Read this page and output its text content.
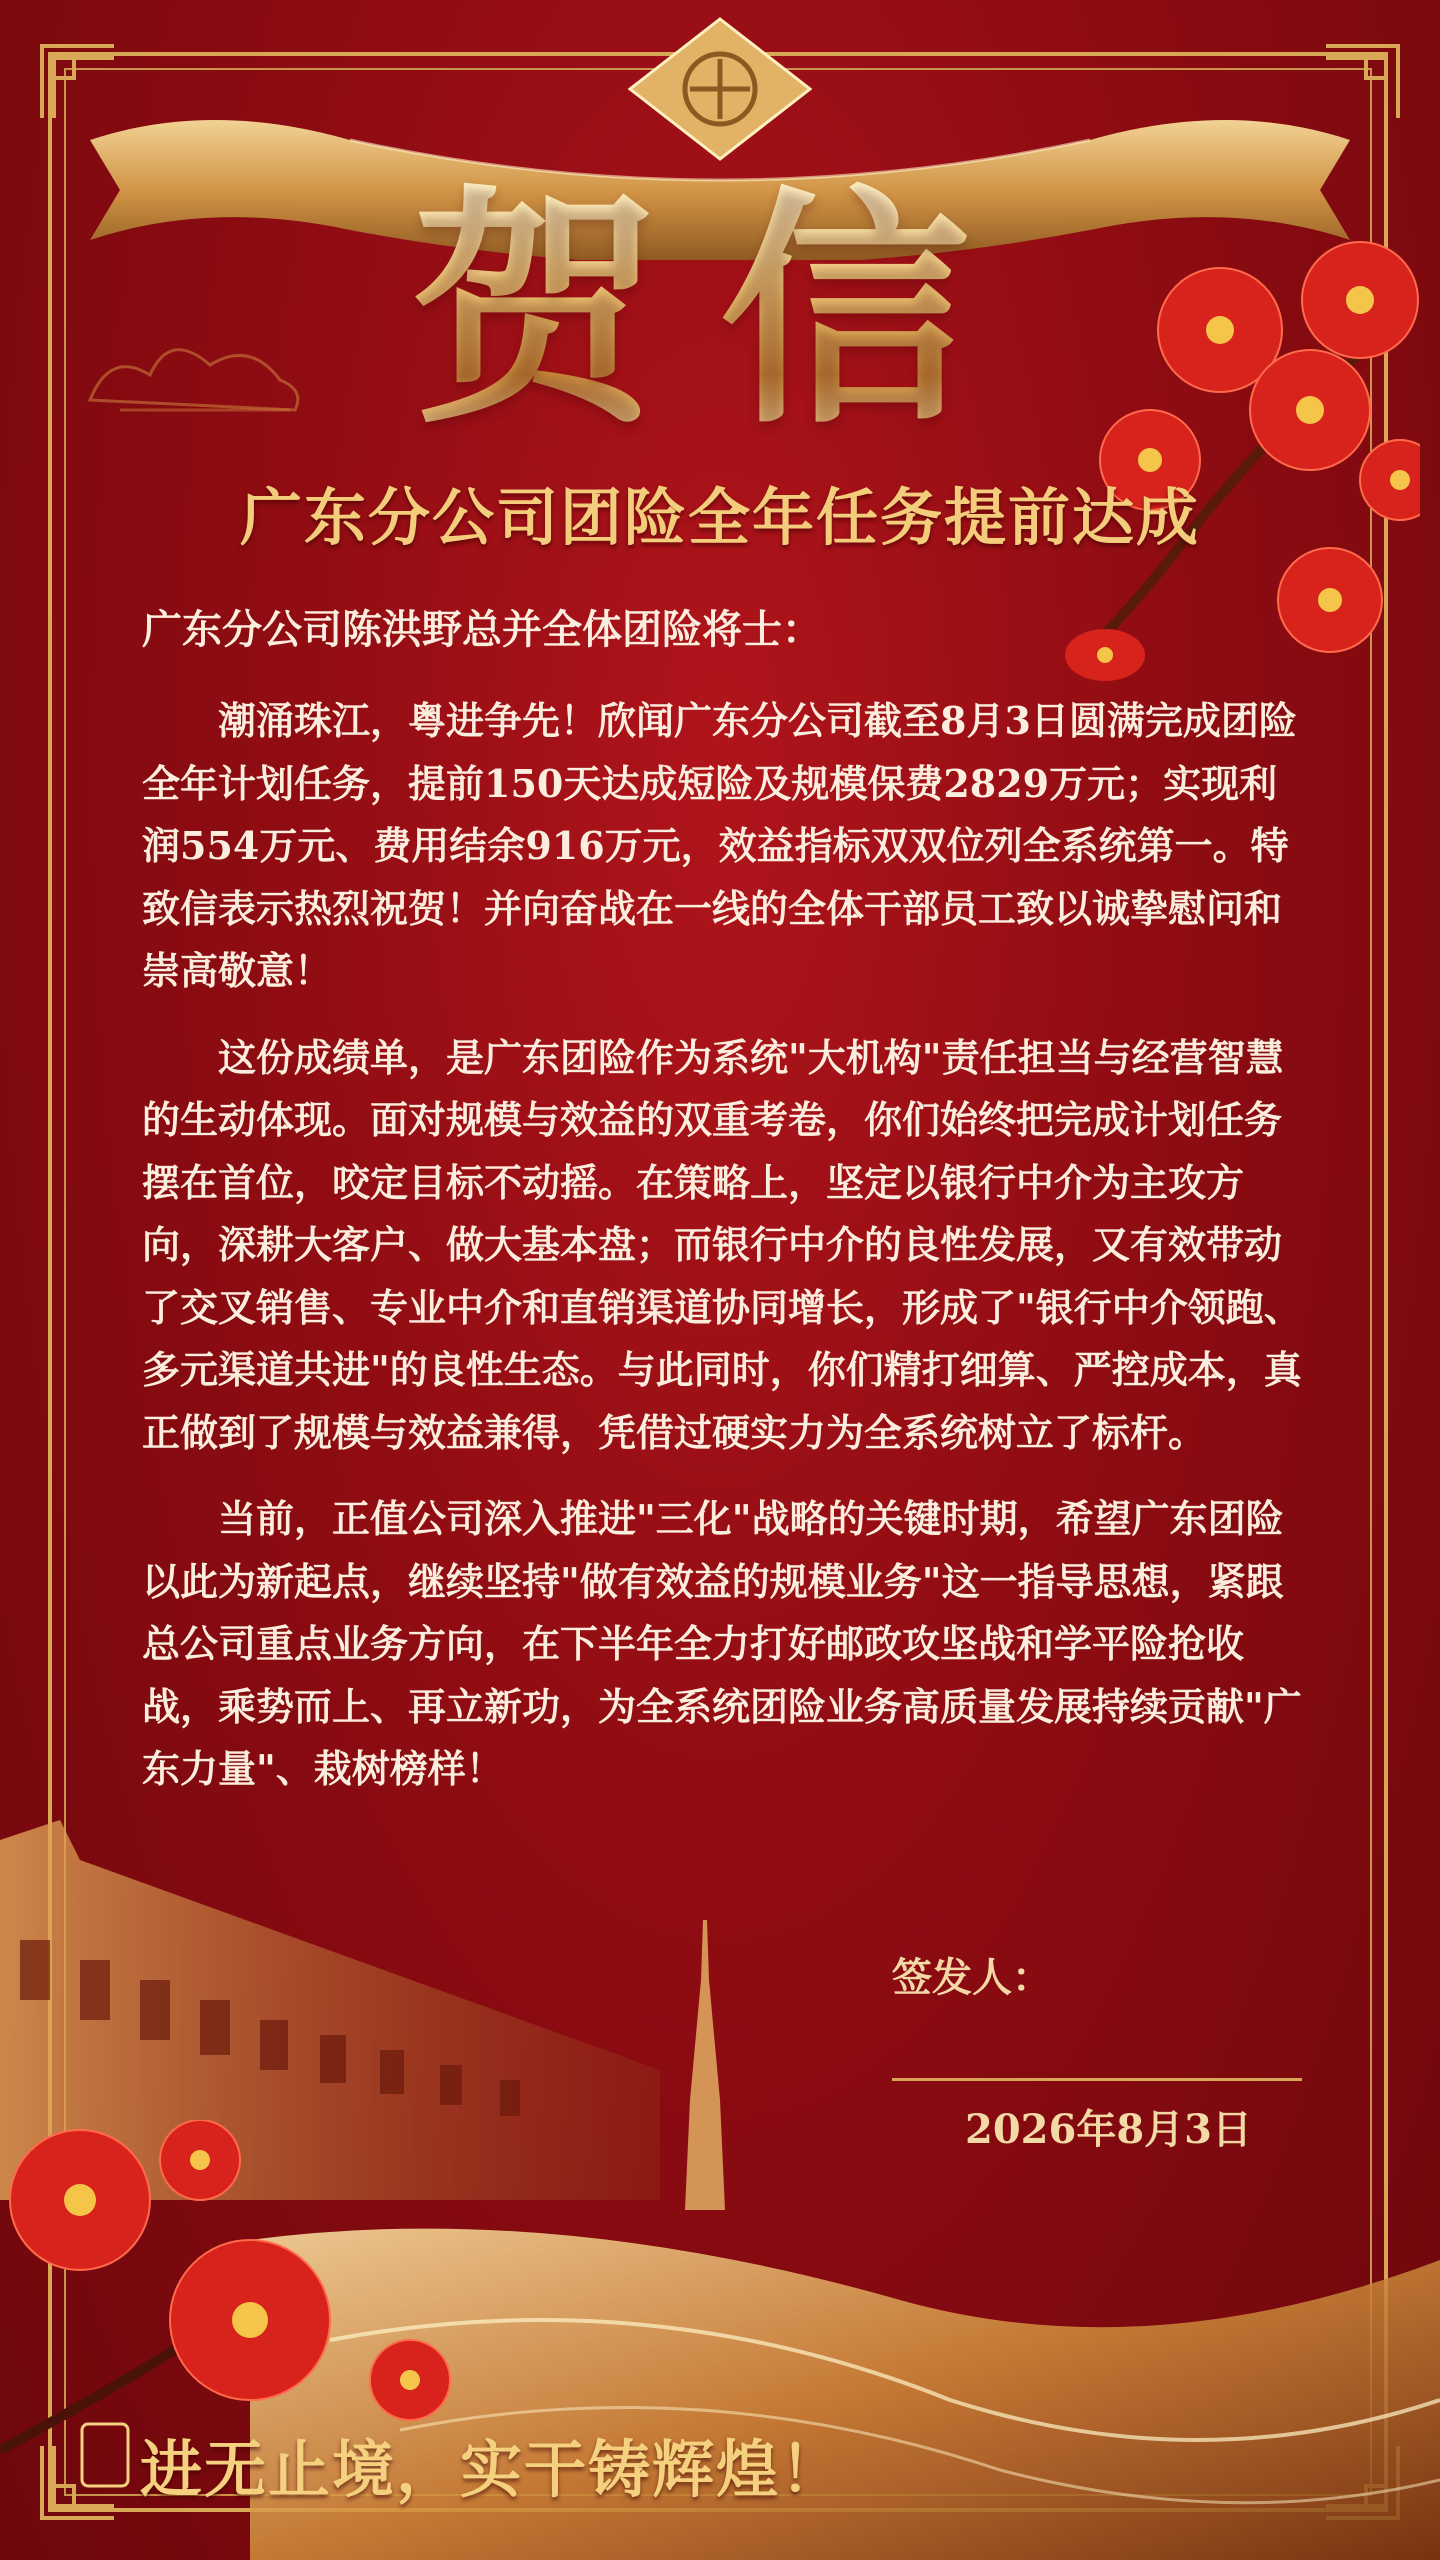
贺信
广东分公司团险全年任务提前达成
广东分公司陈洪野总并全体团险将士：

潮涌珠江，粤进争先！欣闻广东分公司截至8月3日圆满完成团险全年计划任务，提前150天达成短险及规模保费2829万元；实现利润554万元、费用结余916万元，效益指标双双位列全系统第一。特致信表示热烈祝贺！并向奋战在一线的全体干部员工致以诚挚慰问和崇高敬意！

这份成绩单，是广东团险作为系统"大机构"责任担当与经营智慧的生动体现。面对规模与效益的双重考卷，你们始终把完成计划任务摆在首位，咬定目标不动摇。在策略上，坚定以银行中介为主攻方向，深耕大客户、做大基本盘；而银行中介的良性发展，又有效带动了交叉销售、专业中介和直销渠道协同增长，形成了"银行中介领跑、多元渠道共进"的良性生态。与此同时，你们精打细算、严控成本，真正做到了规模与效益兼得，凭借过硬实力为全系统树立了标杆。

当前，正值公司深入推进"三化"战略的关键时期，希望广东团险以此为新起点，继续坚持"做有效益的规模业务"这一指导思想，紧跟总公司重点业务方向，在下半年全力打好邮政攻坚战和学平险抢收战，乘势而上、再立新功，为全系统团险业务高质量发展持续贡献"广东力量"、栽树榜样！

签发人：
2026年8月3日
进无止境，实干铸辉煌！
